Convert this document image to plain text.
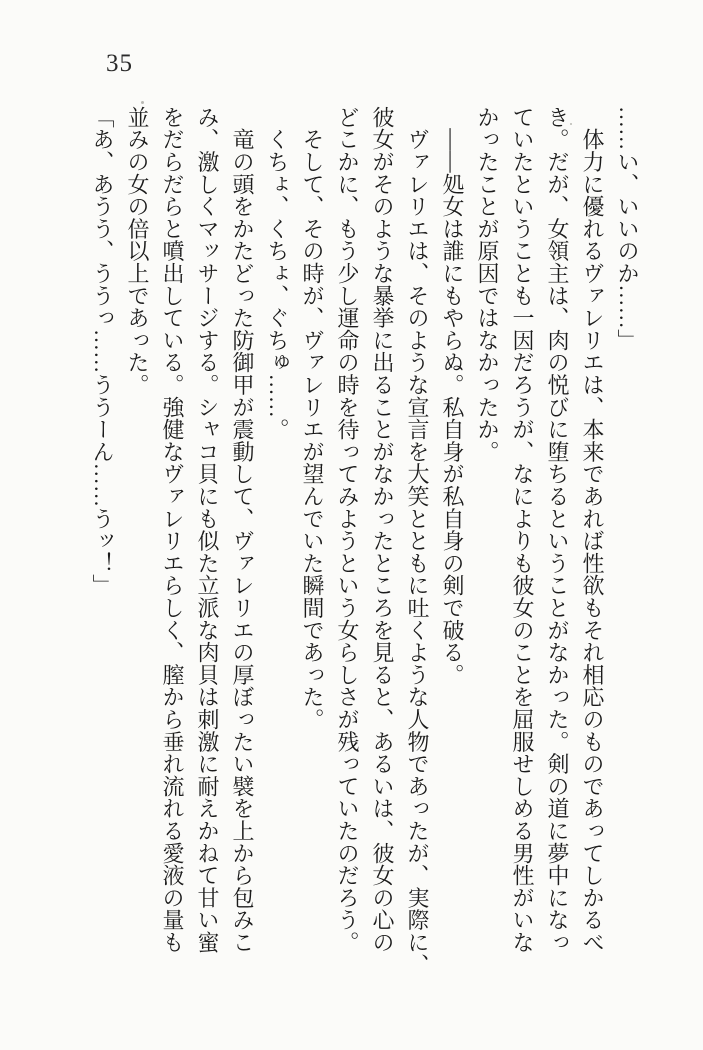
35
……い、いいのか……」
　体力に優れるヴァレリエは、本来であれば性欲もそれ相応のものであってしかるべ
き。だが、女領主は、肉の悦びに堕ちるということがなかった。剣の道に夢中になっ
ていたということも一因だろうが、なによりも彼女のことを屈服せしめる男性がいな
かったことが原因ではなかったか。
　――処女は誰にもやらぬ。私自身が私自身の剣で破る。
　ヴァレリエは、そのような宣言を大笑とともに吐くような人物であったが、実際に、
彼女がそのような暴挙に出ることがなかったところを見ると、あるいは、彼女の心の
どこかに、もう少し運命の時を待ってみようという女らしさが残っていたのだろう。
　そして、その時が、ヴァレリエが望んでいた瞬間であった。
　くちょ、くちょ、ぐちゅ……。
　竜の頭をかたどった防御甲が震動して、ヴァレリエの厚ぼったい襞を上から包みこ
み、激しくマッサージする。シャコ貝にも似た立派な肉貝は刺激に耐えかねて甘い蜜
をだらだらと噴出している。強健なヴァレリエらしく、膣から垂れ流れる愛液の量も
並みの女の倍以上であった。
「あ、あうう、ううっ……ううーん……うッ！」
